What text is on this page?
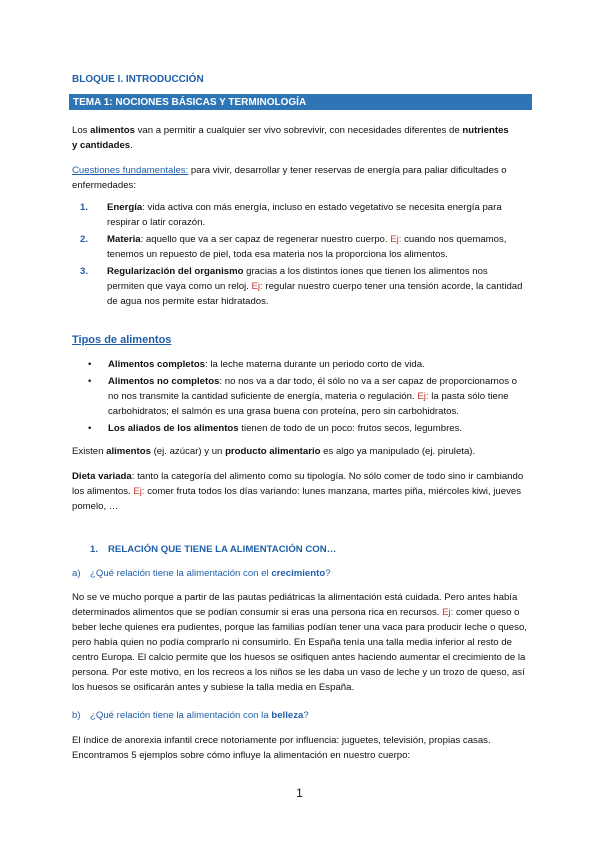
BLOQUE I. INTRODUCCIÓN
TEMA 1: NOCIONES BÁSICAS Y TERMINOLOGÍA
Los alimentos van a permitir a cualquier ser vivo sobrevivir, con necesidades diferentes de nutrientes
y cantidades.
Cuestiones fundamentales: para vivir, desarrollar y tener reservas de energía para paliar dificultades o enfermedades:
1. Energía: vida activa con más energía, incluso en estado vegetativo se necesita energía para respirar o latir corazón.
2. Materia: aquello que va a ser capaz de regenerar nuestro cuerpo. Ej: cuando nos quemamos, tenemos un repuesto de piel, toda esa materia nos la proporciona los alimentos.
3. Regularización del organismo gracias a los distintos iones que tienen los alimentos nos permiten que vaya como un reloj. Ej: regular nuestro cuerpo tener una tensión acorde, la cantidad de agua nos permite estar hidratados.
Tipos de alimentos
• Alimentos completos: la leche materna durante un periodo corto de vida.
• Alimentos no completos: no nos va a dar todo, él sólo no va a ser capaz de proporcionarnos o no nos transmite la cantidad suficiente de energía, materia o regulación. Ej: la pasta sólo tiene carbohidratos; el salmón es una grasa buena con proteína, pero sin carbohidratos.
• Los aliados de los alimentos tienen de todo de un poco: frutos secos, legumbres.
Existen alimentos (ej. azúcar) y un producto alimentario es algo ya manipulado (ej. piruleta).
Dieta variada: tanto la categoría del alimento como su tipología. No sólo comer de todo sino ir cambiando los alimentos. Ej: comer fruta todos los días variando: lunes manzana, martes piña, miércoles kiwi, jueves pomelo, …
1. RELACIÓN QUE TIENE LA ALIMENTACIÓN CON…
a) ¿Qué relación tiene la alimentación con el crecimiento?
No se ve mucho porque a partir de las pautas pediátricas la alimentación está cuidada. Pero antes había determinados alimentos que se podían consumir si eras una persona rica en recursos. Ej: comer queso o beber leche quienes era pudientes, porque las familias podían tener una vaca para producir leche o queso, pero había quien no podía comprarlo ni consumirlo. En España tenía una talla media inferior al resto de centro Europa. El calcio permite que los huesos se osifiquen antes haciendo aumentar el crecimiento de la persona. Por este motivo, en los recreos a los niños se les daba un vaso de leche y un trozo de queso, así los huesos se osificarán antes y subiese la talla media en España.
b) ¿Qué relación tiene la alimentación con la belleza?
El índice de anorexia infantil crece notoriamente por influencia: juguetes, televisión, propias casas. Encontramos 5 ejemplos sobre cómo influye la alimentación en nuestro cuerpo:
1
